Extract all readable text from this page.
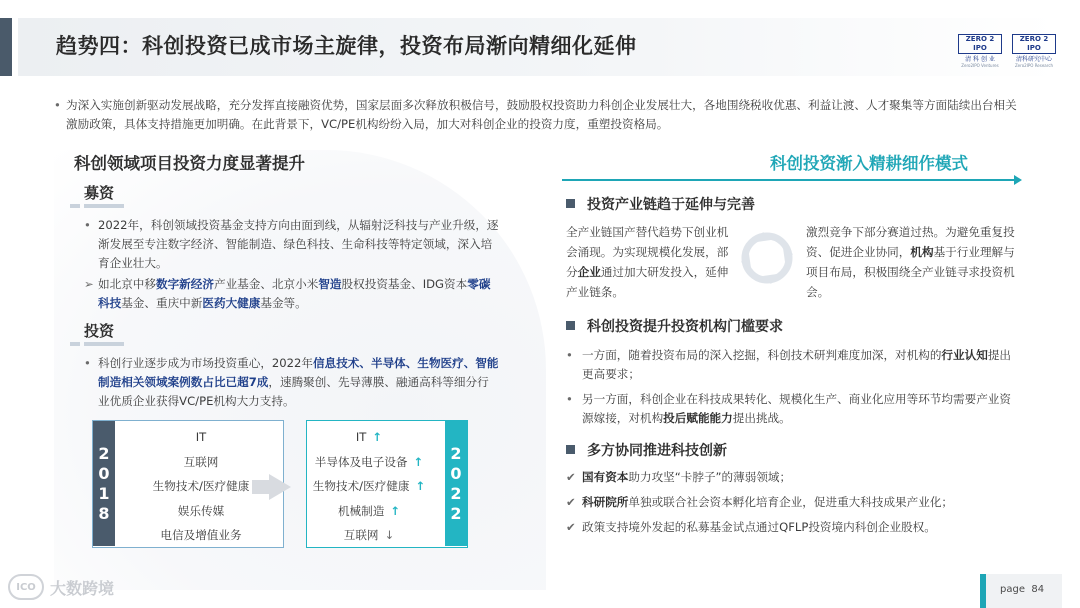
趋势四：科创投资已成市场主旋律，投资布局渐向精细化延伸	ZERO 2 IPO
清 科 创 业
Zero2IPO Ventures
ZERO 2 IPO
清科研究中心
Zero2IPO Research
• 为深入实施创新驱动发展战略，充分发挥直接融资优势，国家层面多次释放积极信号，鼓励股权投资助力科创企业发展壮大，各地围绕税收优惠、利益让渡、人才聚集等方面陆续出台相关激励政策，具体支持措施更加明确。在此背景下，VC/PE机构纷纷入局，加大对科创企业的投资力度，重塑投资格局。
科创领域项目投资力度显著提升
募资
• 2022年，科创领域投资基金支持方向由面到线，从辐射泛科技与产业升级，逐渐发展至专注数字经济、智能制造、绿色科技、生命科技等特定领域，深入培育企业壮大。
➢ 如北京中移数字新经济产业基金、北京小米智造股权投资基金、IDG资本零碳科技基金、重庆中新医药大健康基金等。
投资
• 科创行业逐步成为市场投资重心，2022年信息技术、半导体、生物医疗、智能制造相关领域案例数占比已超7成，速腾聚创、先导薄膜、融通高科等细分行业优质企业获得VC/PE机构大力支持。
2
0
1
8
IT
互联网
生物技术/医疗健康
娱乐传媒
电信及增值业务
IT ↑
半导体及电子设备 ↑
生物技术/医疗健康 ↑
机械制造 ↑
互联网 ↓
2
0
2
2
科创投资渐入精耕细作模式
投资产业链趋于延伸与完善
全产业链国产替代趋势下创业机会涌现。为实现规模化发展，部分企业通过加大研发投入，延伸产业链条。
激烈竞争下部分赛道过热。为避免重复投资、促进企业协同，机构基于行业理解与项目布局，积极围绕全产业链寻求投资机会。
科创投资提升投资机构门槛要求
• 一方面，随着投资布局的深入挖掘，科创技术研判难度加深，对机构的行业认知提出更高要求；
• 另一方面，科创企业在科技成果转化、规模化生产、商业化应用等环节均需要产业资源嫁接，对机构投后赋能能力提出挑战。
多方协同推进科技创新
✔ 国有资本助力攻坚“卡脖子”的薄弱领域；
✔ 科研院所单独或联合社会资本孵化培育企业，促进重大科技成果产业化；
✔ 政策支持境外发起的私募基金试点通过QFLP投资境内科创企业股权。
ICO 大数跨境	page 84
